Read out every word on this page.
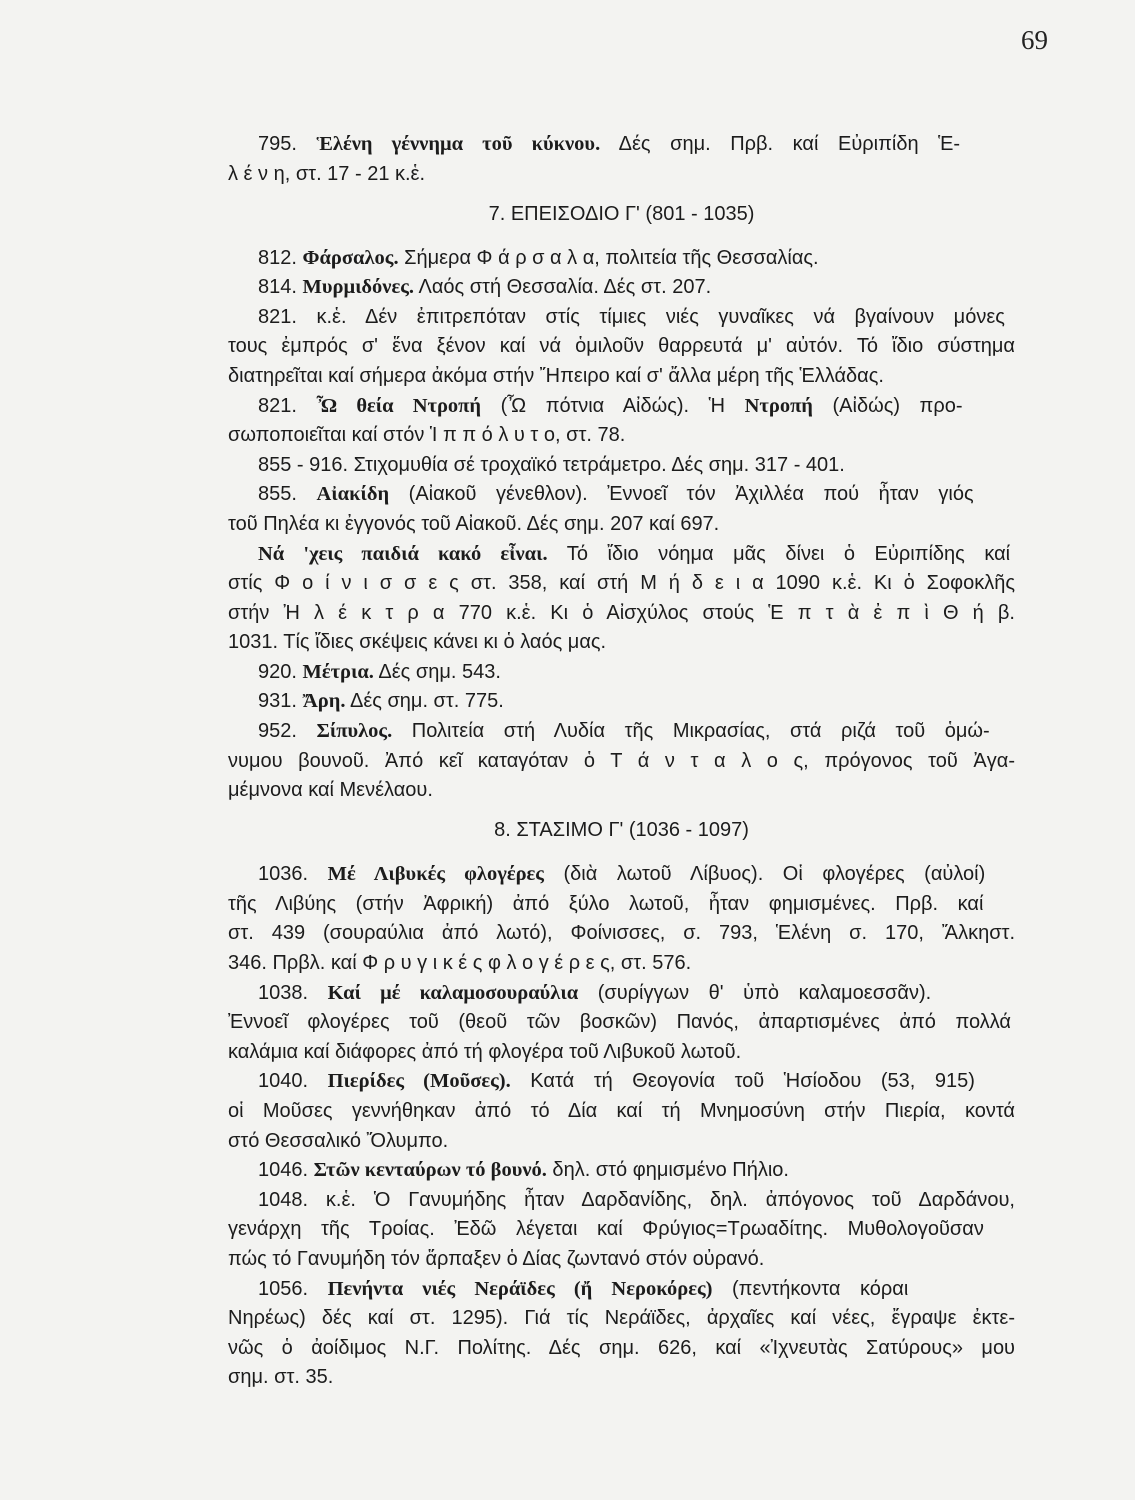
69
795. Ἑλένη γέννημα τοῦ κύκνου. Δές σημ. Πρβ. καί Εὐριπίδη Ἑ-
λ έ ν η, στ. 17 - 21 κ.ἑ.
7. ΕΠΕΙΣΟΔΙΟ Γ' (801 - 1035)
812. Φάρσαλος. Σήμερα Φ ά ρ σ α λ α, πολιτεία τῆς Θεσσαλίας.
814. Μυρμιδόνες. Λαός στή Θεσσαλία. Δές στ. 207.
821. κ.ἑ. Δέν ἐπιτρεπόταν στίς τίμιες νιές γυναῖκες νά βγαίνουν μόνες
τους ἐμπρός σ' ἕνα ξένον καί νά ὁμιλοῦν θαρρευτά μ' αὐτόν. Τό ἴδιο σύστημα
διατηρεῖται καί σήμερα ἀκόμα στήν Ἤπειρο καί σ' ἄλλα μέρη τῆς Ἑλλάδας.
821. Ὦ θεία Ντροπή (Ὦ πότνια Αἰδώς). Ἡ Ντροπή (Αἰδώς) προ-
σωποποιεῖται καί στόν Ἱ π π ό λ υ τ ο, στ. 78.
855 - 916. Στιχομυθία σέ τροχαϊκό τετράμετρο. Δές σημ. 317 - 401.
855. Αἰακίδη (Αἰακοῦ γένεθλον). Ἐννοεῖ τόν Ἀχιλλέα πού ἦταν γιός
τοῦ Πηλέα κι ἐγγονός τοῦ Αἰακοῦ. Δές σημ. 207 καί 697.
Νά 'χεις παιδιά κακό εἶναι. Τό ἴδιο νόημα μᾶς δίνει ὁ Εὐριπίδης καί
στίς Φ ο ί ν ι σ σ ε ς στ. 358, καί στή Μ ή δ ε ι α 1090 κ.ἑ. Κι ὁ Σοφοκλῆς
στήν Ἠ λ έ κ τ ρ α 770 κ.ἑ. Κι ὁ Αἰσχύλος στούς Ἑ π τ ὰ ἐ π ὶ Θ ή β.
1031. Τίς ἴδιες σκέψεις κάνει κι ὁ λαός μας.
920. Μέτρια. Δές σημ. 543.
931. Ἄρη. Δές σημ. στ. 775.
952. Σίπυλος. Πολιτεία στή Λυδία τῆς Μικρασίας, στά ριζά τοῦ ὁμώ-
νυμου βουνοῦ. Ἀπό κεῖ καταγόταν ὁ Τ ά ν τ α λ ο ς, πρόγονος τοῦ Ἀγα-
μέμνονα καί Μενέλαου.
8. ΣΤΑΣΙΜΟ Γ' (1036 - 1097)
1036. Μέ Λιβυκές φλογέρες (διὰ λωτοῦ Λίβυος). Οἱ φλογέρες (αὐλοί)
τῆς Λιβύης (στήν Ἀφρική) ἀπό ξύλο λωτοῦ, ἦταν φημισμένες. Πρβ. καί
στ. 439 (σουραύλια ἀπό λωτό), Φοίνισσες, σ. 793, Ἑλένη σ. 170, Ἄλκηστ.
346. Πρβλ. καί Φ ρ υ γ ι κ έ ς φ λ ο γ έ ρ ε ς, στ. 576.
1038. Καί μέ καλαμοσουραύλια (συρίγγων θ' ὑπὸ καλαμοεσσᾶν).
Ἐννοεῖ φλογέρες τοῦ (θεοῦ τῶν βοσκῶν) Πανός, ἀπαρτισμένες ἀπό πολλά
καλάμια καί διάφορες ἀπό τή φλογέρα τοῦ Λιβυκοῦ λωτοῦ.
1040. Πιερίδες (Μοῦσες). Κατά τή Θεογονία τοῦ Ἡσίοδου (53, 915)
οἱ Μοῦσες γεννήθηκαν ἀπό τό Δία καί τή Μνημοσύνη στήν Πιερία, κοντά
στό Θεσσαλικό Ὄλυμπο.
1046. Στῶν κενταύρων τό βουνό. δηλ. στό φημισμένο Πήλιο.
1048. κ.ἑ. Ὁ Γανυμήδης ἦταν Δαρδανίδης, δηλ. ἀπόγονος τοῦ Δαρδάνου,
γενάρχη τῆς Τροίας. Ἐδῶ λέγεται καί Φρύγιος=Τρωαδίτης. Μυθολογοῦσαν
πώς τό Γανυμήδη τόν ἅρπαξεν ὁ Δίας ζωντανό στόν οὐρανό.
1056. Πενήντα νιές Νεράϊδες (ἤ Νεροκόρες) (πεντήκοντα κόραι
Νηρέως) δές καί στ. 1295). Γιά τίς Νεράϊδες, ἀρχαῖες καί νέες, ἔγραψε ἐκτε-
νῶς ὁ ἀοίδιμος Ν.Γ. Πολίτης. Δές σημ. 626, καί «Ἰχνευτὰς Σατύρους» μου
σημ. στ. 35.
